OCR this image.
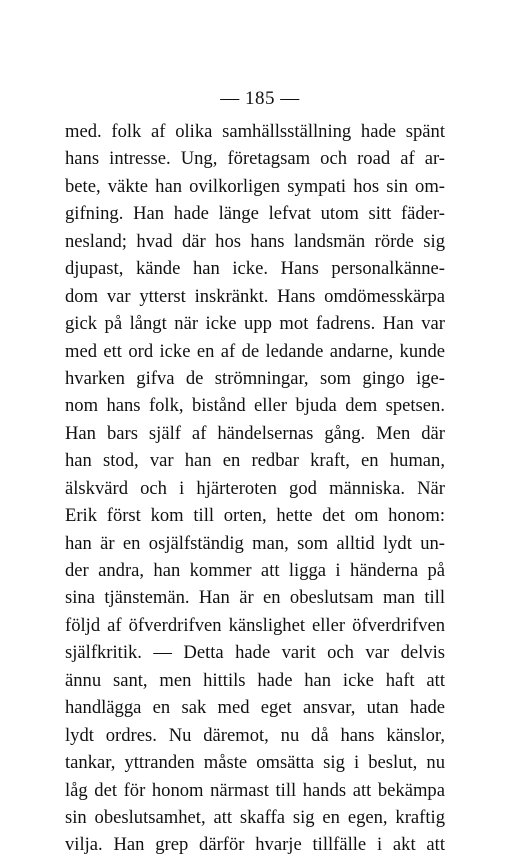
— 185 —
med. folk af olika samhällsställning hade spänt
hans intresse. Ung, företagsam och road af ar-
bete, väkte han ovilkorligen sympati hos sin om-
gifning. Han hade länge lefvat utom sitt fäder-
nesland; hvad där hos hans landsmän rörde sig
djupast, kände han icke. Hans personalkänne-
dom var ytterst inskränkt. Hans omdömesskärpa
gick på långt när icke upp mot fadrens. Han var
med ett ord icke en af de ledande andarne, kunde
hvarken gifva de strömningar, som gingo ige-
nom hans folk, bistånd eller bjuda dem spetsen.
Han bars själf af händelsernas gång. Men där
han stod, var han en redbar kraft, en human,
älskvärd och i hjärteroten god människa. När
Erik först kom till orten, hette det om honom:
han är en osjälfständig man, som alltid lydt un-
der andra, han kommer att ligga i händerna på
sina tjänstemän. Han är en obeslutsam man till
följd af öfverdrifven känslighet eller öfverdrifven
själfkritik. — Detta hade varit och var delvis
ännu sant, men hittils hade han icke haft att
handlägga en sak med eget ansvar, utan hade
lydt ordres. Nu däremot, nu då hans känslor,
tankar, yttranden måste omsätta sig i beslut, nu
låg det för honom närmast till hands att bekämpa
sin obeslutsamhet, att skaffa sig en egen, kraftig
vilja. Han grep därför hvarje tillfälle i akt att
